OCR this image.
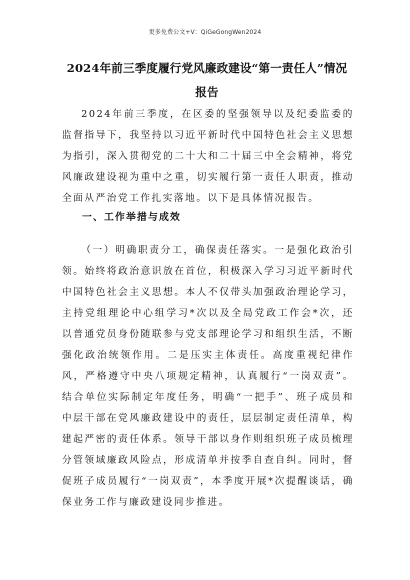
更多免费公文+V：QiGeGongWen2024
2024年前三季度履行党风廉政建设“第一责任人”情况报告
2024年前三季度，在区委的坚强领导以及纪委监委的监督指导下，我坚持以习近平新时代中国特色社会主义思想为指引，深入贯彻党的二十大和二十届三中全会精神，将党风廉政建设视为重中之重，切实履行第一责任人职责，推动全面从严治党工作扎实落地。以下是具体情况报告。
一、工作举措与成效
（一）明确职责分工，确保责任落实。一是强化政治引领。始终将政治意识放在首位，积极深入学习习近平新时代中国特色社会主义思想。本人不仅带头加强政治理论学习，主持党组理论中心组学习*次以及全局党政工作会*次，还以普通党员身份随联参与党支部理论学习和组织生活，不断强化政治统领作用。二是压实主体责任。高度重视纪律作风，严格遵守中央八项规定精神，认真履行“一岗双责”。结合单位实际制定年度任务，明确“一把手”、班子成员和中层干部在党风廉政建设中的责任，层层制定责任清单，构建起严密的责任体系。领导干部以身作则组织班子成员梳理分管领域廉政风险点，形成清单并按季自查自纠。同时，督促班子成员履行“一岗双责”，本季度开展*次提醒谈话，确保业务工作与廉政建设同步推进。
